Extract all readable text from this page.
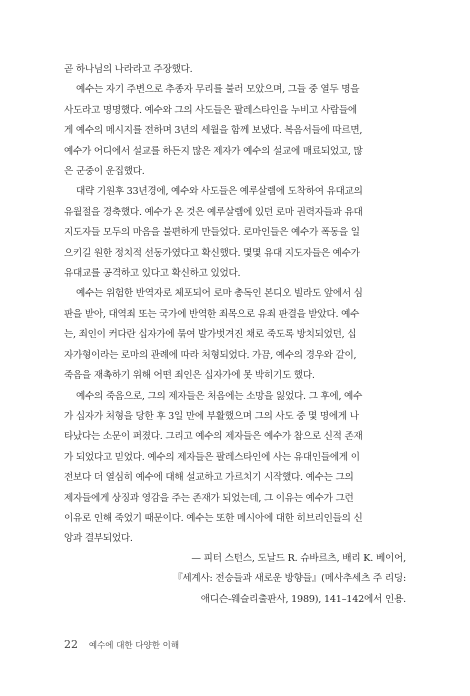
곧 하나님의 나라라고 주장했다.
예수는 자기 주변으로 추종자 무리를 불러 모았으며, 그들 중 열두 명을
사도라고 명명했다. 예수와 그의 사도들은 팔레스타인을 누비고 사람들에
게 예수의 메시지를 전하며 3년의 세월을 함께 보냈다. 복음서들에 따르면,
예수가 어디에서 설교를 하든지 많은 제자가 예수의 설교에 매료되었고, 많
은 군중이 운집했다.
대략 기원후 33년경에, 예수와 사도들은 예루살렘에 도착하여 유대교의
유월절을 경축했다. 예수가 온 것은 예루살렘에 있던 로마 권력자들과 유대
지도자들 모두의 마음을 불편하게 만들었다. 로마인들은 예수가 폭동을 일
으키길 원한 정치적 선동가였다고 확신했다. 몇몇 유대 지도자들은 예수가
유대교를 공격하고 있다고 확신하고 있었다.
예수는 위험한 반역자로 체포되어 로마 총독인 본디오 빌라도 앞에서 심
판을 받아, 대역죄 또는 국가에 반역한 죄목으로 유죄 판결을 받았다. 예수
는, 죄인이 커다란 십자가에 묶여 발가벗겨진 채로 죽도록 방치되었던, 십
자가형이라는 로마의 관례에 따라 처형되었다. 가끔, 예수의 경우와 같이,
죽음을 재촉하기 위해 어떤 죄인은 십자가에 못 박히기도 했다.
예수의 죽음으로, 그의 제자들은 처음에는 소망을 잃었다. 그 후에, 예수
가 십자가 처형을 당한 후 3일 만에 부활했으며 그의 사도 중 몇 명에게 나
타났다는 소문이 퍼졌다. 그리고 예수의 제자들은 예수가 참으로 신적 존재
가 되었다고 믿었다. 예수의 제자들은 팔레스타인에 사는 유대인들에게 이
전보다 더 열심히 예수에 대해 설교하고 가르치기 시작했다. 예수는 그의
제자들에게 상징과 영감을 주는 존재가 되었는데, 그 이유는 예수가 그런
이유로 인해 죽었기 때문이다. 예수는 또한 메시아에 대한 히브리인들의 신
앙과 결부되었다.
— 피터 스턴스, 도날드 R. 슈바르츠, 배리 K. 베이어,
『세계사: 전승들과 새로운 방향들』(메사추세츠 주 리딩:
애디슨-웨슬리출판사, 1989), 141–142에서 인용.
22 예수에 대한 다양한 이해
